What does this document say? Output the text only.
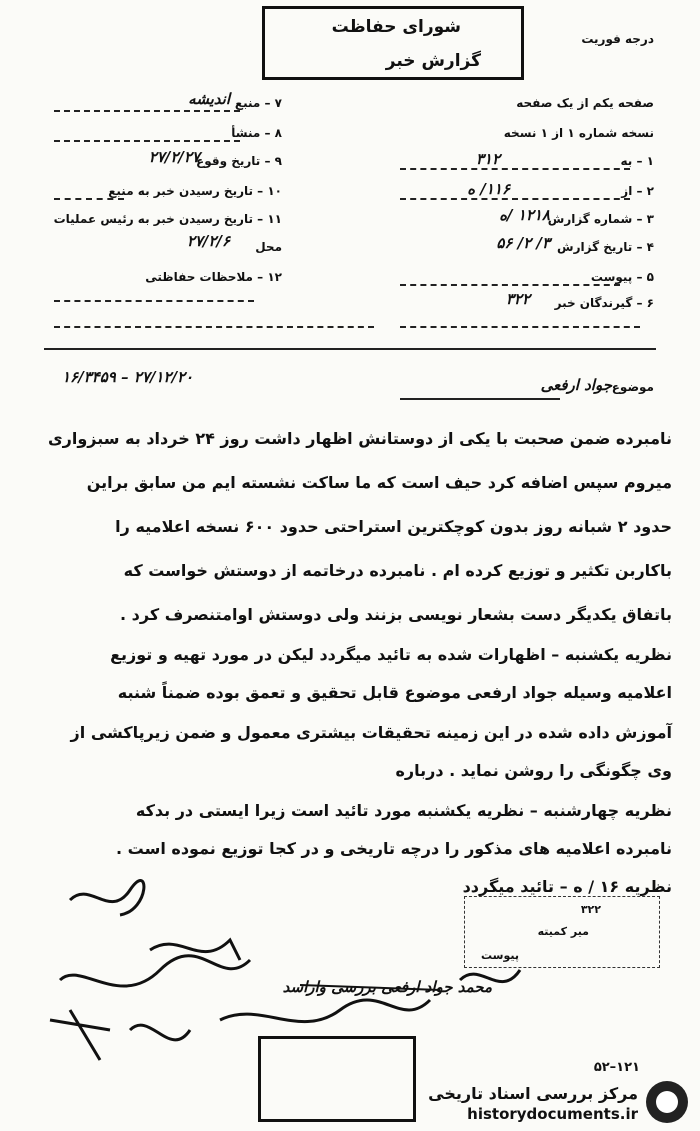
شورای حفاظت
گزارش خبر
درجه فوریت
صفحه یکم از یک صفحه
نسخه شماره ۱ از ۱ نسخه
۱ – به
۳۱۲
۲ – از
۱۱۶/ ه
۳ – شماره گزارش
۱۲۱۸ /ه
۴ – تاریخ گزارش
۳/ ۲/ ۵۶
۵ – پیوست
۶ – گیرندگان خبر
۳۲۲
۷ – منبع
اندیشه
۸ – منشأ
۹ – تاریخ وقوع
۲۷/۲/۲۷
۱۰ – تاریخ رسیدن خبر به منبع
۱۱ – تاریخ رسیدن خبر به رئیس عملیات
محل
۲۷/۲/۶
۱۲ – ملاحظات حفاظتی
موضوع
جواد ارفعی
۱۶/۳۴۵۹ – ۲۷/۱۲/۲۰
نامبرده ضمن صحبت با یکی از دوستانش اظهار داشت روز ۲۴ خرداد به سبزواری
میروم سپس اضافه کرد حیف است که ما ساکت نشسته ایم من سابق براین
حدود ۲ شبانه روز بدون کوچکترین استراحتی حدود ۶۰۰ نسخه اعلامیه را
باکاربن تکثیر و توزیع کرده ام . نامبرده درخاتمه از دوستش خواست که
باتفاق یکدیگر دست بشعار نویسی بزنند ولی دوستش اوامتنصرف کرد .
نظریه یکشنبه – اظهارات شده به تائید میگردد لیکن در مورد تهیه و توزیع
اعلامیه وسیله جواد ارفعی موضوع قابل تحقیق و تعمق بوده ضمناً شنبه
آموزش داده شده در این زمینه تحقیقات بیشتری معمول و ضمن زیرپاکشی از
وی چگونگی را روشن نماید . درباره
نظریه چهارشنبه – نظریه یکشنبه مورد تائید است زیرا ایستی در بدکه
نامبرده اعلامیه های مذکور را درچه تاریخی و در کجا توزیع نموده است .
نظریه ۱۶ / ه – تائید میگردد
۳۲۲
میر کمیته
پیوست
محمد جواد ارفعی بررسی واراسد
۵۲–۱۲۱
مرکز بررسی اسناد تاریخی
historydocuments.ir
